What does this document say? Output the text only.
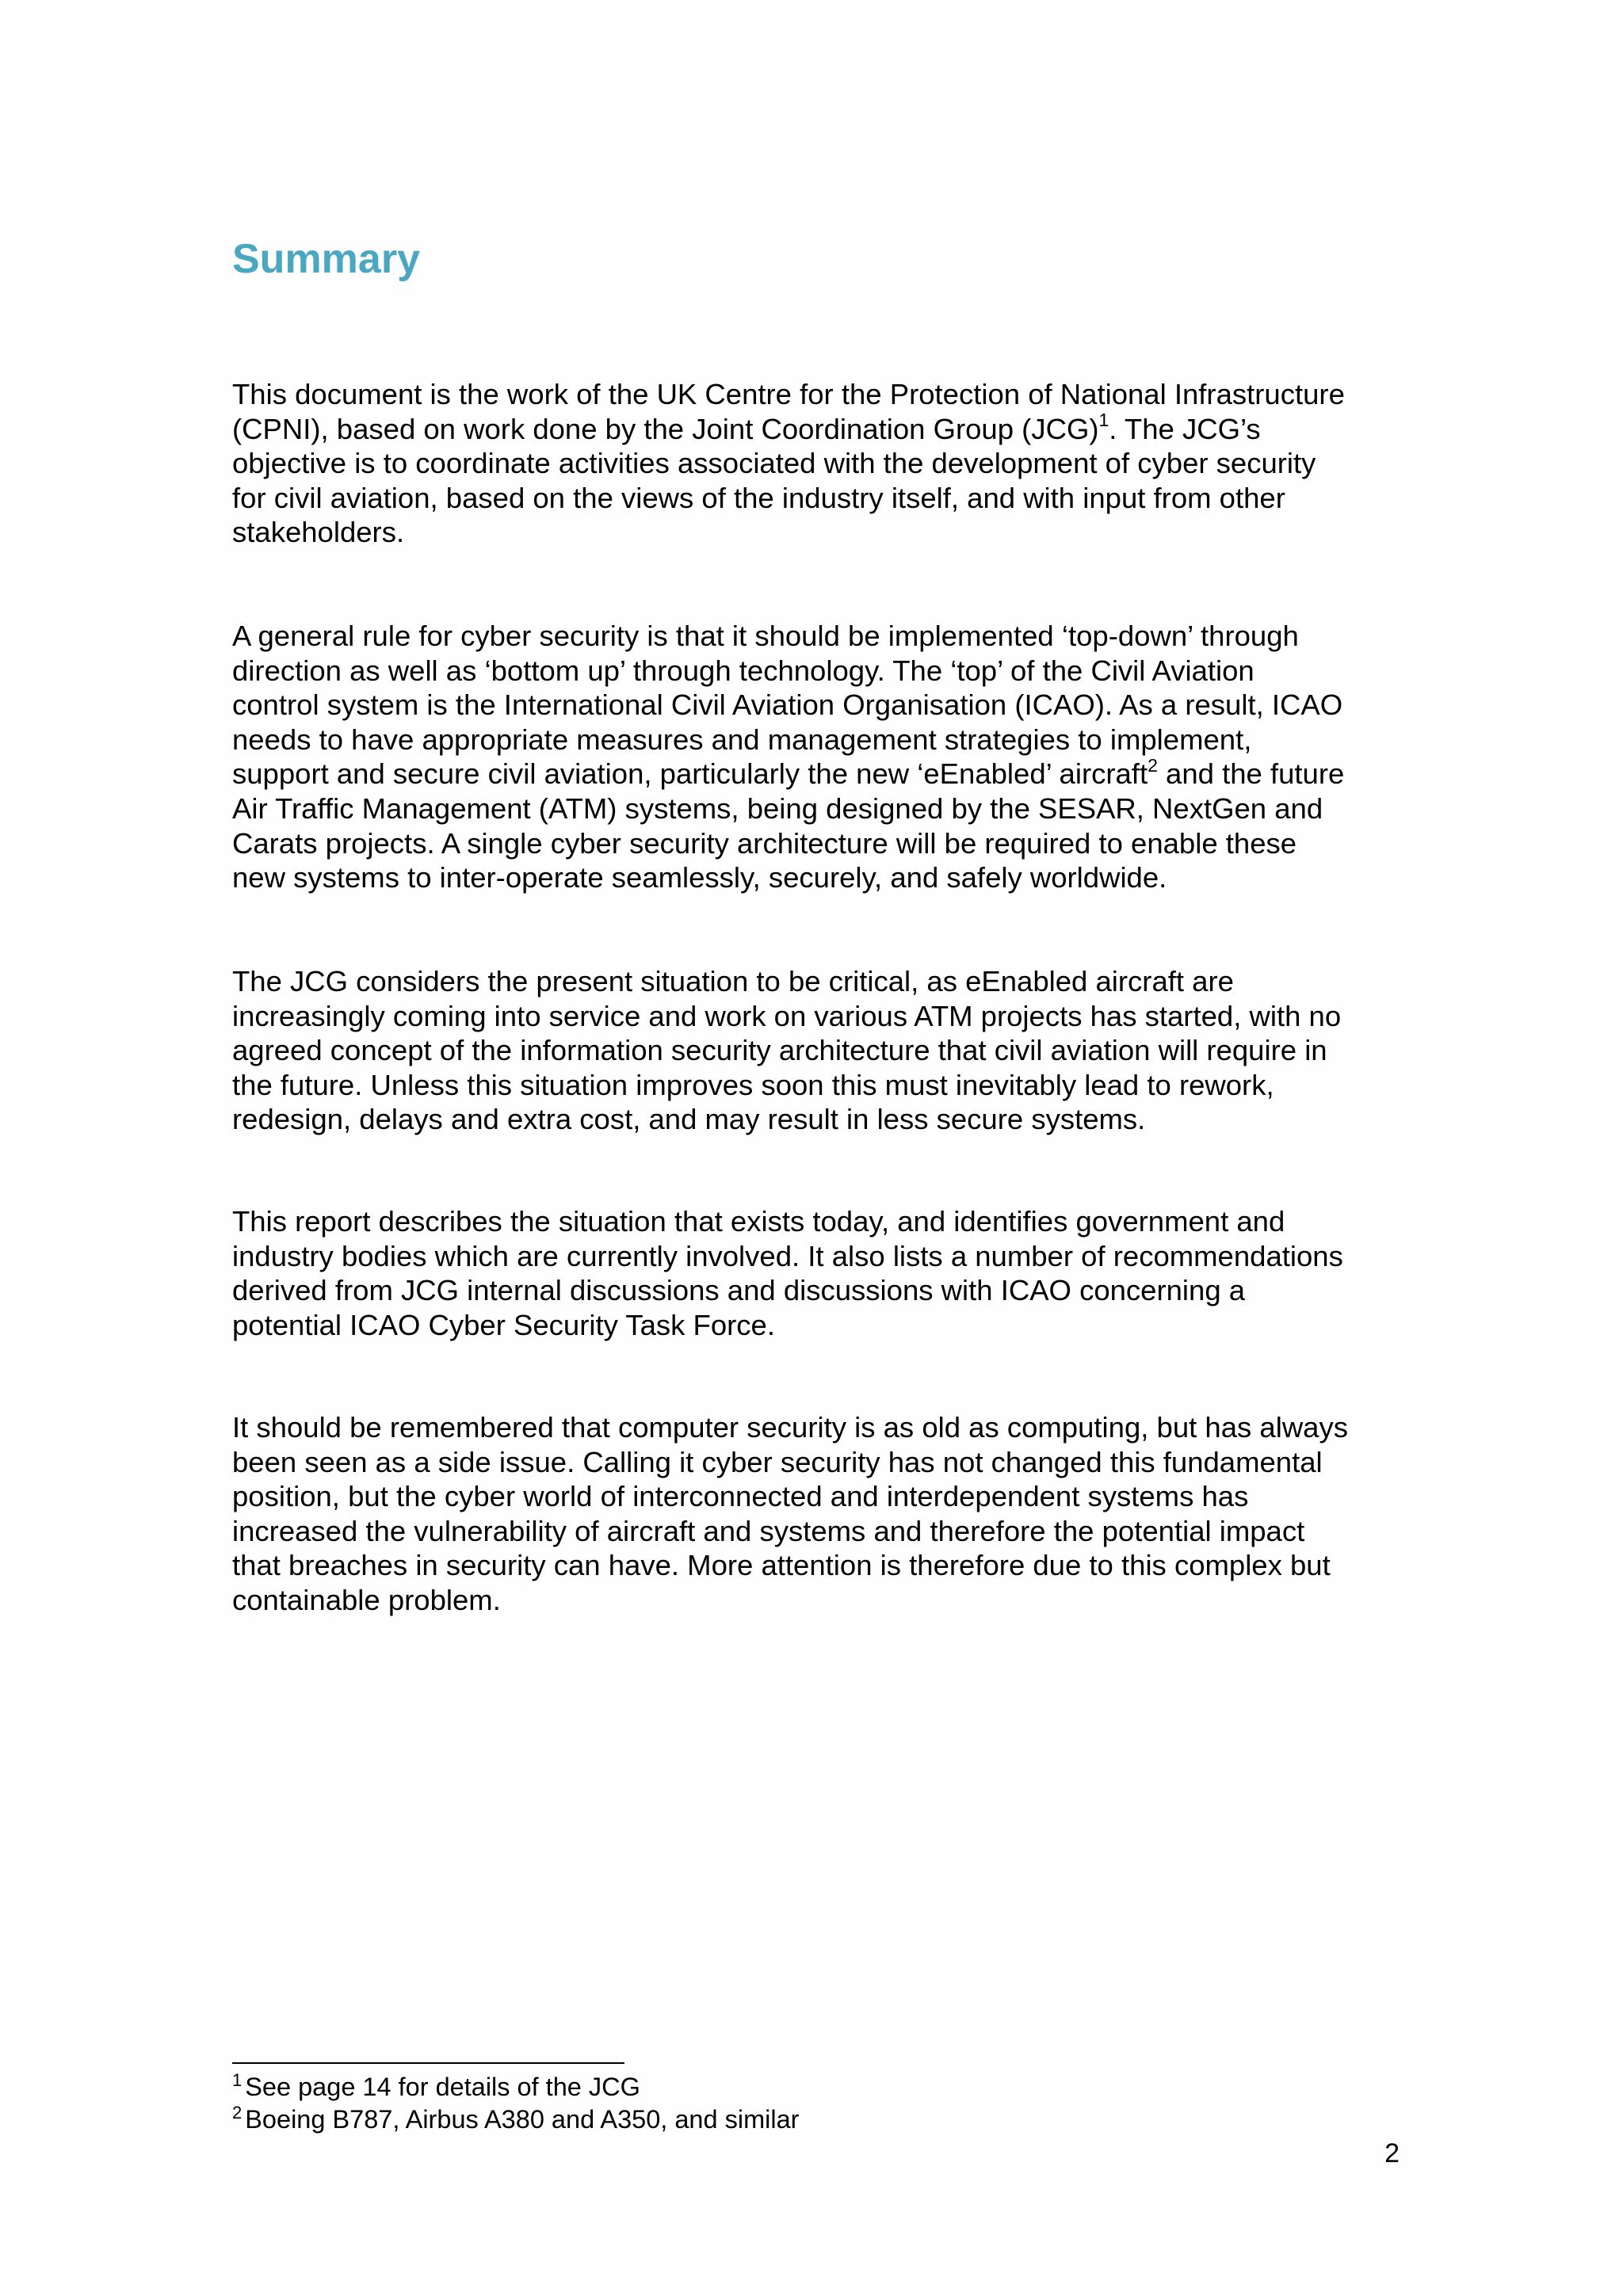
Summary

This document is the work of the UK Centre for the Protection of National Infrastructure
(CPNI), based on work done by the Joint Coordination Group (JCG)$^1$. The JCG’s
objective is to coordinate activities associated with the development of cyber security
for civil aviation, based on the views of the industry itself, and with input from other
stakeholders.

A general rule for cyber security is that it should be implemented ‘top-down’ through
direction as well as ‘bottom up’ through technology. The ‘top’ of the Civil Aviation
control system is the International Civil Aviation Organisation (ICAO). As a result, ICAO
needs to have appropriate measures and management strategies to implement,
support and secure civil aviation, particularly the new ‘eEnabled’ aircraft$^2$ and the future
Air Traffic Management (ATM) systems, being designed by the SESAR, NextGen and
Carats projects. A single cyber security architecture will be required to enable these
new systems to inter-operate seamlessly, securely, and safely worldwide.

The JCG considers the present situation to be critical, as eEnabled aircraft are
increasingly coming into service and work on various ATM projects has started, with no
agreed concept of the information security architecture that civil aviation will require in
the future. Unless this situation improves soon this must inevitably lead to rework,
redesign, delays and extra cost, and may result in less secure systems.

This report describes the situation that exists today, and identifies government and
industry bodies which are currently involved. It also lists a number of recommendations
derived from JCG internal discussions and discussions with ICAO concerning a
potential ICAO Cyber Security Task Force.

It should be remembered that computer security is as old as computing, but has always
been seen as a side issue. Calling it cyber security has not changed this fundamental
position, but the cyber world of interconnected and interdependent systems has
increased the vulnerability of aircraft and systems and therefore the potential impact
that breaches in security can have. More attention is therefore due to this complex but
containable problem.

$^1$ See page 14 for details of the JCG
$^2$ Boeing B787, Airbus A380 and A350, and similar
2
